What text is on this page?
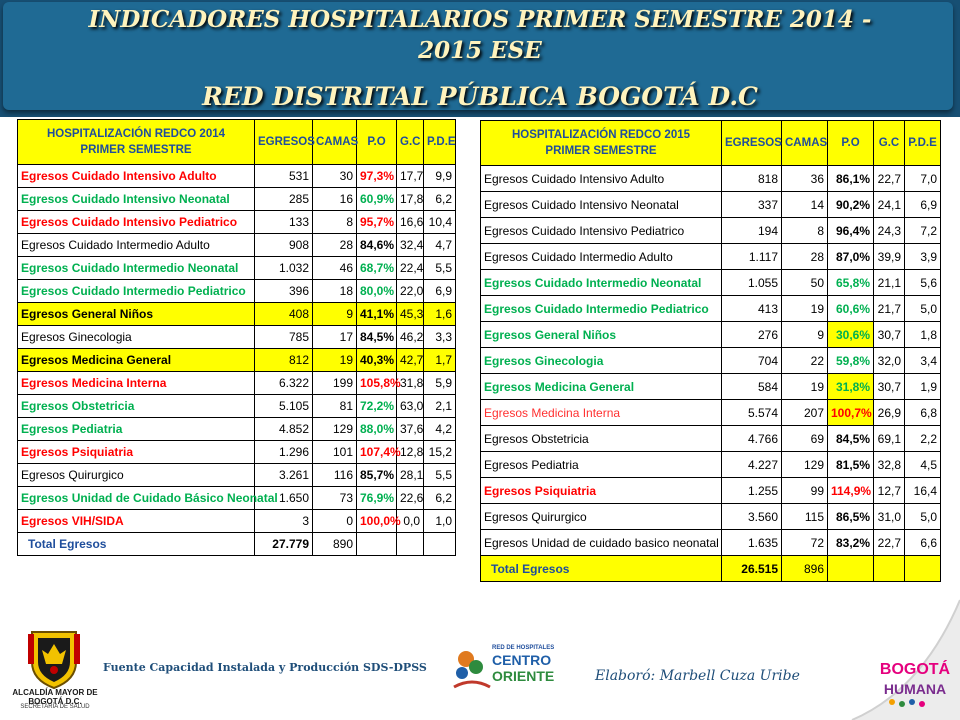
INDICADORES HOSPITALARIOS PRIMER SEMESTRE 2014 -
2015 ESE
RED DISTRITAL PÚBLICA BOGOTÁ D.C
HOSPITALIZACIÓN REDCO 2014
PRIMER SEMESTRE	EGRESOS	CAMAS	P.O	G.C	P.D.E
Egresos Cuidado Intensivo Adulto	531	30	97,3%	17,7	9,9
Egresos Cuidado Intensivo Neonatal	285	16	60,9%	17,8	6,2
Egresos Cuidado Intensivo Pediatrico	133	8	95,7%	16,6	10,4
Egresos Cuidado Intermedio Adulto	908	28	84,6%	32,4	4,7
Egresos Cuidado Intermedio Neonatal	1.032	46	68,7%	22,4	5,5
Egresos Cuidado Intermedio Pediatrico	396	18	80,0%	22,0	6,9
Egresos General Niños	408	9	41,1%	45,3	1,6
Egresos Ginecologia	785	17	84,5%	46,2	3,3
Egresos Medicina General	812	19	40,3%	42,7	1,7
Egresos Medicina Interna	6.322	199	105,8%	31,8	5,9
Egresos Obstetricia	5.105	81	72,2%	63,0	2,1
Egresos Pediatria	4.852	129	88,0%	37,6	4,2
Egresos Psiquiatria	1.296	101	107,4%	12,8	15,2
Egresos Quirurgico	3.261	116	85,7%	28,1	5,5
Egresos Unidad de Cuidado Básico Neonatal	1.650	73	76,9%	22,6	6,2
Egresos VIH/SIDA	3	0	100,0%	0,0	1,0
Total Egresos	27.779	890			
HOSPITALIZACIÓN REDCO 2015
PRIMER SEMESTRE	EGRESOS	CAMAS	P.O	G.C	P.D.E
Egresos Cuidado Intensivo Adulto	818	36	86,1%	22,7	7,0
Egresos Cuidado Intensivo Neonatal	337	14	90,2%	24,1	6,9
Egresos Cuidado Intensivo Pediatrico	194	8	96,4%	24,3	7,2
Egresos Cuidado Intermedio Adulto	1.117	28	87,0%	39,9	3,9
Egresos Cuidado Intermedio Neonatal	1.055	50	65,8%	21,1	5,6
Egresos Cuidado Intermedio Pediatrico	413	19	60,6%	21,7	5,0
Egresos General Niños	276	9	30,6%	30,7	1,8
Egresos Ginecologia	704	22	59,8%	32,0	3,4
Egresos Medicina General	584	19	31,8%	30,7	1,9
Egresos Medicina Interna	5.574	207	100,7%	26,9	6,8
Egresos Obstetricia	4.766	69	84,5%	69,1	2,2
Egresos Pediatria	4.227	129	81,5%	32,8	4,5
Egresos Psiquiatria	1.255	99	114,9%	12,7	16,4
Egresos Quirurgico	3.560	115	86,5%	31,0	5,0
Egresos Unidad de cuidado basico neonatal	1.635	72	83,2%	22,7	6,6
Total Egresos	26.515	896			
ALCALDÍA MAYOR DE BOGOTÁ D.C.
SECRETARÍA DE SALUD
Fuente Capacidad Instalada y Producción SDS-DPSS
RED DE HOSPITALES
CENTRO
ORIENTE	Elaboró: Marbell Cuza Uribe	BOGOTÁ
HUMANA
